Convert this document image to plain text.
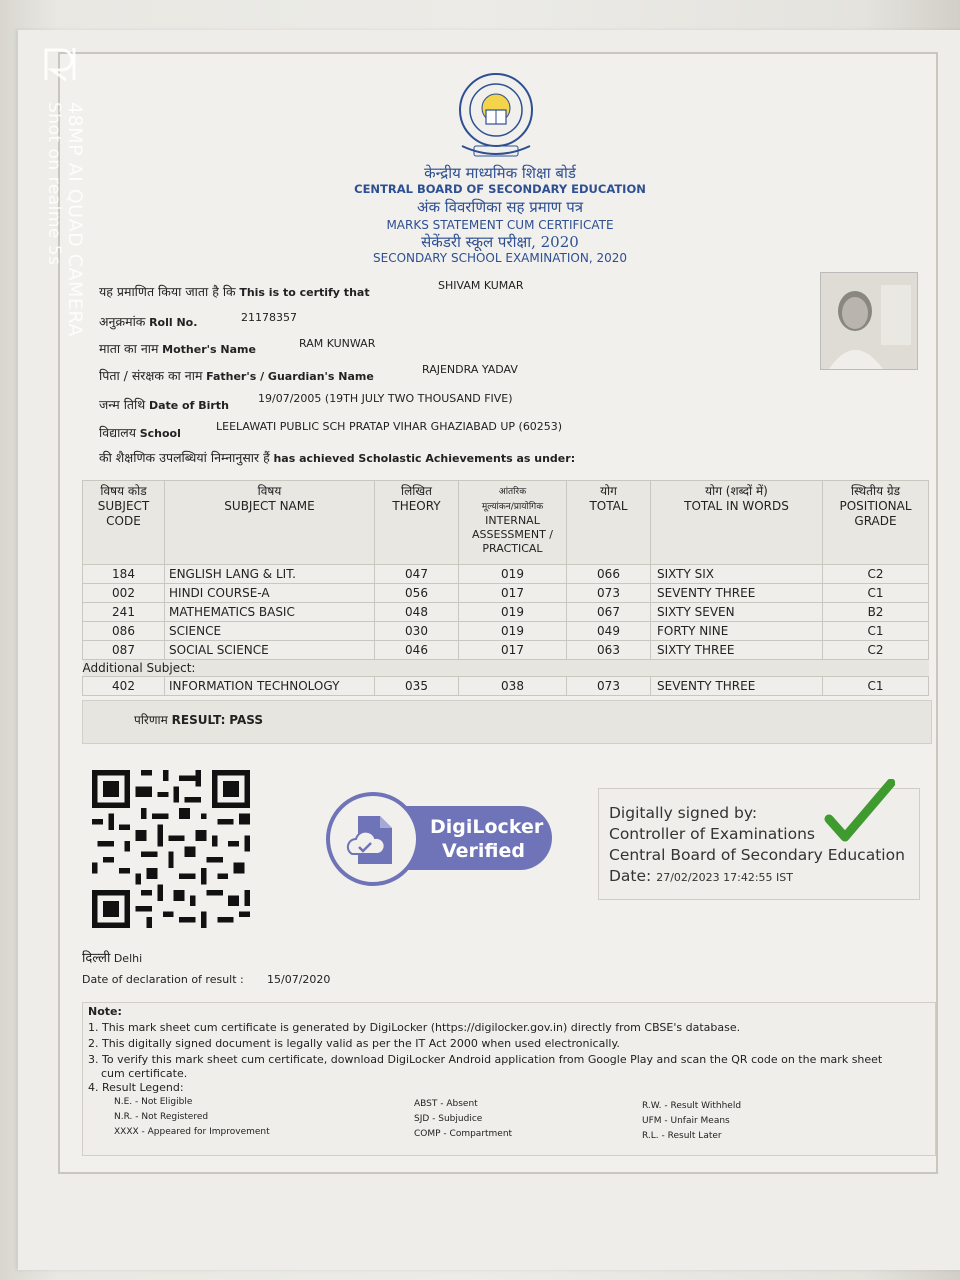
48MP AI QUAD CAMERA
Shot on realme 5s	केन्द्रीय माध्यमिक शिक्षा बोर्ड
CENTRAL BOARD OF SECONDARY EDUCATION
अंक विवरणिका सह प्रमाण पत्र
MARKS STATEMENT CUM CERTIFICATE
सेकेंडरी स्कूल परीक्षा, 2020
SECONDARY SCHOOL EXAMINATION, 2020
यह प्रमाणित किया जाता है कि This is to certify that
SHIVAM KUMAR
अनुक्रमांक Roll No.	21178357
माता का नाम Mother's Name	RAM KUNWAR
पिता / संरक्षक का नाम Father's / Guardian's Name
RAJENDRA YADAV
जन्म तिथि Date of Birth
19/07/2005 (19TH JULY TWO THOUSAND FIVE)
विद्यालय School
LEELAWATI PUBLIC SCH PRATAP VIHAR GHAZIABAD UP (60253)
की शैक्षणिक उपलब्धियां निम्नानुसार हैं has achieved Scholastic Achievements as under:
विषय कोड
SUBJECT
CODE	विषय
SUBJECT NAME	लिखित
THEORY	आंतरिक
मूल्यांकन/प्रायोगिक
INTERNAL
ASSESSMENT /
PRACTICAL	योग
TOTAL	योग (शब्दों में)
TOTAL IN WORDS	स्थितीय ग्रेड
POSITIONAL
GRADE
184	ENGLISH LANG & LIT.	047	019	066	SIXTY SIX	C2
002	HINDI COURSE-A	056	017	073	SEVENTY THREE	C1
241	MATHEMATICS BASIC	048	019	067	SIXTY SEVEN	B2
086	SCIENCE	030	019	049	FORTY NINE	C1
087	SOCIAL SCIENCE	046	017	063	SIXTY THREE	C2
Additional Subject:						
402	INFORMATION TECHNOLOGY	035	038	073	SEVENTY THREE	C1
परिणाम RESULT: PASS
DigiLocker
Verified
Digitally signed by:
Controller of Examinations
Central Board of Secondary Education
Date: 27/02/2023 17:42:55 IST
दिल्ली Delhi
Date of declaration of result : 15/07/2020
Note:
1. This mark sheet cum certificate is generated by DigiLocker (https://digilocker.gov.in) directly from CBSE's database.
2. This digitally signed document is legally valid as per the IT Act 2000 when used electronically.
3. To verify this mark sheet cum certificate, download DigiLocker Android application from Google Play and scan the QR code on the mark sheet
cum certificate.
4. Result Legend:
N.E. - Not Eligible
N.R. - Not Registered
XXXX - Appeared for Improvement
ABST - Absent
SJD - Subjudice
COMP - Compartment
R.W. - Result Withheld
UFM - Unfair Means
R.L. - Result Later
